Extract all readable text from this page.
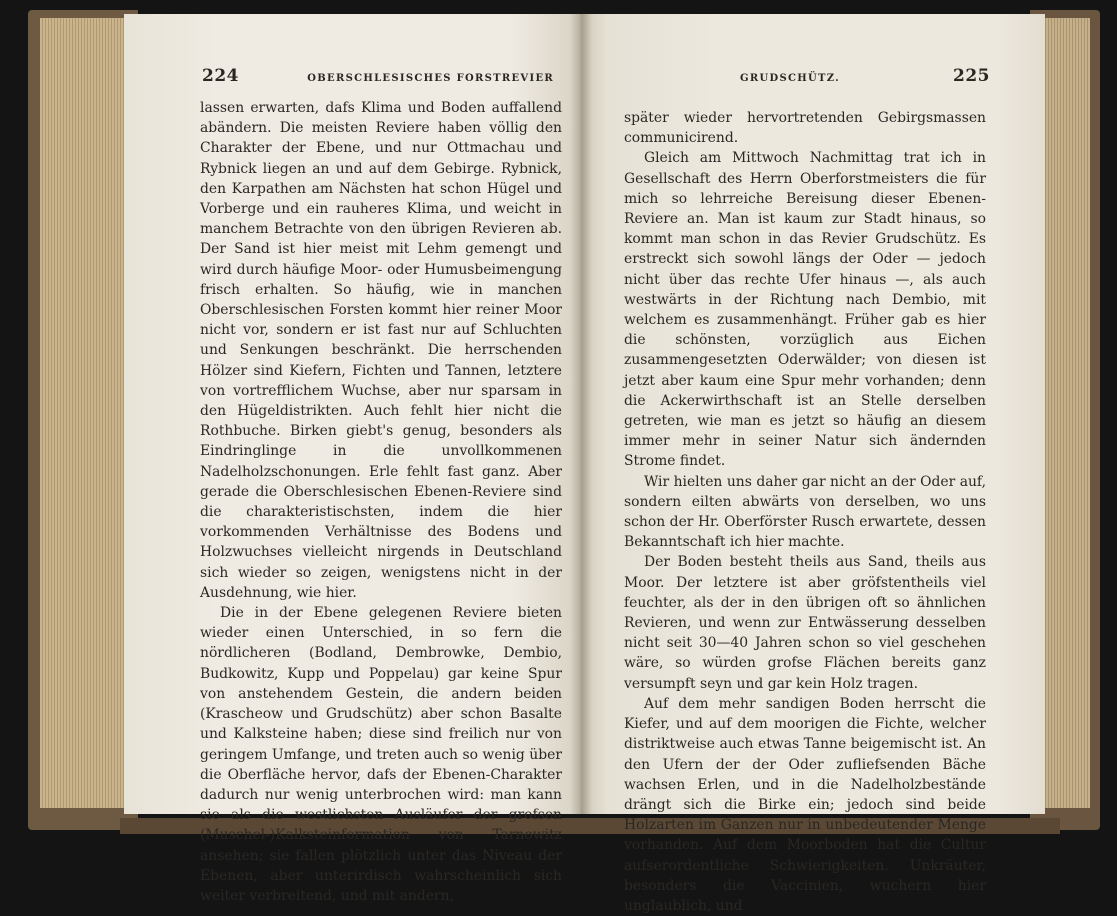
224	OBERSCHLESISCHES FORSTREVIER

lassen erwarten, dafs Klima und Boden auffallend abändern. Die meisten Reviere haben völlig den Charakter der Ebene, und nur Ottmachau und Rybnick liegen an und auf dem Gebirge. Rybnick, den Karpathen am Nächsten hat schon Hügel und Vorberge und ein rauheres Klima, und weicht in manchem Betrachte von den übrigen Revieren ab. Der Sand ist hier meist mit Lehm gemengt und wird durch häufige Moor- oder Humusbeimengung frisch erhalten. So häufig, wie in manchen Oberschlesischen Forsten kommt hier reiner Moor nicht vor, sondern er ist fast nur auf Schluchten und Senkungen beschränkt. Die herrschenden Hölzer sind Kiefern, Fichten und Tannen, letztere von vortrefflichem Wuchse, aber nur sparsam in den Hügeldistrikten. Auch fehlt hier nicht die Rothbuche. Birken giebt's genug, besonders als Eindringlinge in die unvollkommenen Nadelholzschonungen. Erle fehlt fast ganz. Aber gerade die Oberschlesischen Ebenen-Reviere sind die charakteristischsten, indem die hier vorkommenden Verhältnisse des Bodens und Holzwuchses vielleicht nirgends in Deutschland sich wieder so zeigen, wenigstens nicht in der Ausdehnung, wie hier.

Die in der Ebene gelegenen Reviere bieten wieder einen Unterschied, in so fern die nördlicheren (Bodland, Dembrowke, Dembio, Budkowitz, Kupp und Poppelau) gar keine Spur von anstehendem Gestein, die andern beiden (Krascheow und Grudschütz) aber schon Basalte und Kalksteine haben; diese sind freilich nur von geringem Umfange, und treten auch so wenig über die Oberfläche hervor, dafs der Ebenen-Charakter dadurch nur wenig unterbrochen wird: man kann sie als die westlichsten Ausläufer der grofsen (Muschel-)Kalksteinformation von Tarnowitz ansehen; sie fallen plötzlich unter das Niveau der Ebenen, aber unterirdisch wahrscheinlich sich weiter verbreitend, und mit andern,

GRUDSCHÜTZ.	225

später wieder hervortretenden Gebirgsmassen communicirend.

Gleich am Mittwoch Nachmittag trat ich in Gesellschaft des Herrn Oberforstmeisters die für mich so lehrreiche Bereisung dieser Ebenen-Reviere an. Man ist kaum zur Stadt hinaus, so kommt man schon in das Revier Grudschütz. Es erstreckt sich sowohl längs der Oder — jedoch nicht über das rechte Ufer hinaus —, als auch westwärts in der Richtung nach Dembio, mit welchem es zusammenhängt. Früher gab es hier die schönsten, vorzüglich aus Eichen zusammengesetzten Oderwälder; von diesen ist jetzt aber kaum eine Spur mehr vorhanden; denn die Ackerwirthschaft ist an Stelle derselben getreten, wie man es jetzt so häufig an diesem immer mehr in seiner Natur sich ändernden Strome findet.

Wir hielten uns daher gar nicht an der Oder auf, sondern eilten abwärts von derselben, wo uns schon der Hr. Oberförster Rusch erwartete, dessen Bekanntschaft ich hier machte.

Der Boden besteht theils aus Sand, theils aus Moor. Der letztere ist aber gröfstentheils viel feuchter, als der in den übrigen oft so ähnlichen Revieren, und wenn zur Entwässerung desselben nicht seit 30—40 Jahren schon so viel geschehen wäre, so würden grofse Flächen bereits ganz versumpft seyn und gar kein Holz tragen.

Auf dem mehr sandigen Boden herrscht die Kiefer, und auf dem moorigen die Fichte, welcher distriktweise auch etwas Tanne beigemischt ist. An den Ufern der der Oder zufliefsenden Bäche wachsen Erlen, und in die Nadelholzbestände drängt sich die Birke ein; jedoch sind beide Holzarten im Ganzen nur in unbedeutender Menge vorhanden. Auf dem Moorboden hat die Cultur aufserordentliche Schwierigkeiten. Unkräuter, besonders die Vaccinien, wuchern hier unglaublich, und
